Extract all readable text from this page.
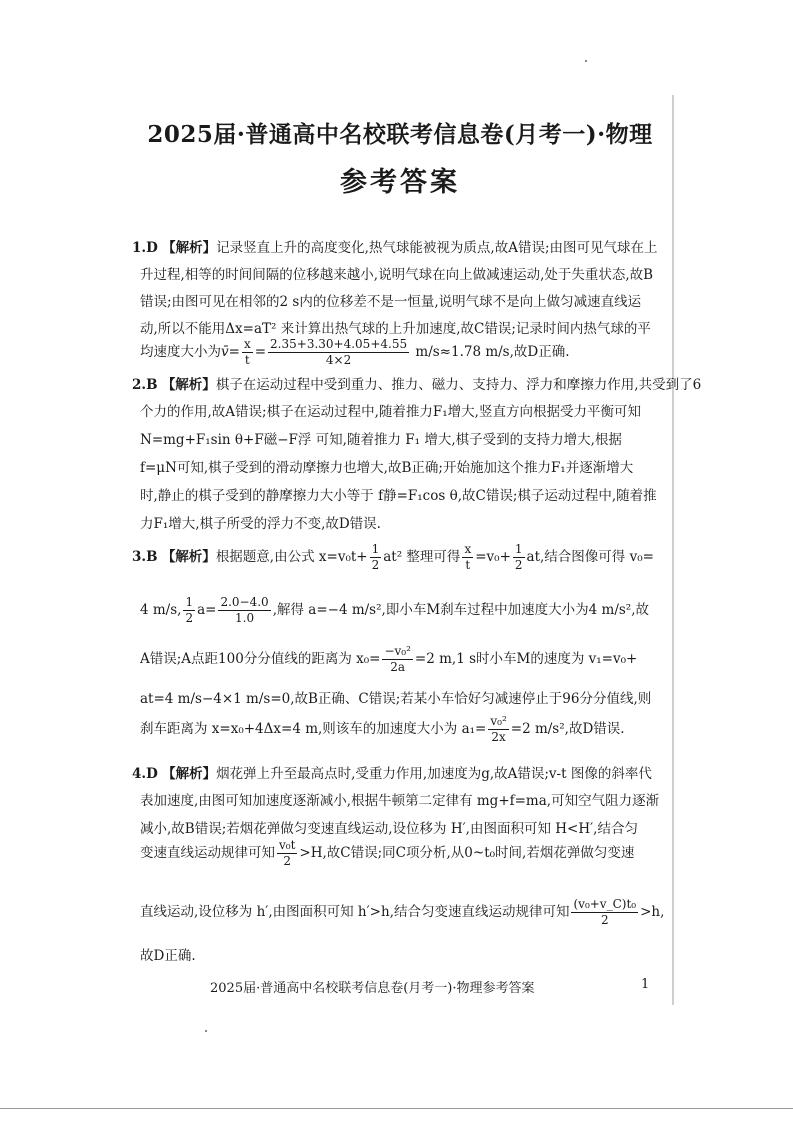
2025届·普通高中名校联考信息卷(月考一)·物理
参考答案
1.D 【解析】记录竖直上升的高度变化,热气球能被视为质点,故A错误;由图可见气球在上
升过程,相等的时间间隔的位移越来越小,说明气球在向上做减速运动,处于失重状态,故B
错误;由图可见在相邻的2 s内的位移差不是一恒量,说明气球不是向上做匀减速直线运
动,所以不能用Δx=aT² 来计算出热气球的上升加速度,故C错误;记录时间内热气球的平
均速度大小为v̄= $\frac{x}{t} = \frac{2.35+3.30+4.05+4.55}{4\times 2} m/s\approx 1.78$ m/s,故D正确.
2.B 【解析】棋子在运动过程中受到重力、推力、磁力、支持力、浮力和摩擦力作用,共受到了6
个力的作用,故A错误;棋子在运动过程中,随着推力F₁增大,竖直方向根据受力平衡可知
N=mg+F₁sin θ+F磁−F浮 可知,随着推力 F₁ 增大,棋子受到的支持力增大,根据
f=μN可知,棋子受到的滑动摩擦力也增大,故B正确;开始施加这个推力F₁并逐渐增大
时,静止的棋子受到的静摩擦力大小等于 f静=F₁cos θ,故C错误;棋子运动过程中,随着推
力F₁增大,棋子所受的浮力不变,故D错误.
3.B 【解析】根据题意,由公式 $x=v_0t+ \frac{1}{2} at^2$ 整理可得 $\frac{x}{t} =v_0+ \frac{1}{2}$ at,结合图像可得 v₀=
4 m/s, $\frac{1}{2} a= \frac{2.0-4.0}{1.0}$ ,解得 a=−4 m/s²,即小车M刹车过程中加速度大小为4 m/s²,故
A错误;A点距100分分值线的距离为 $x_0= \frac{\text{−v₀²}}{2a} =2$ m,1 s时小车M的速度为 v₁=v₀+
at=4 m/s−4×1 m/s=0,故B正确、C错误;若某小车恰好匀减速停止于96分分值线,则
刹车距离为 x=x₀+4Δx=4 m,则该车的加速度大小为 $a_1= \frac{\text{v₀²}}{2x} =2$ m/s²,故D错误.
4.D 【解析】烟花弹上升至最高点时,受重力作用,加速度为g,故A错误;v-t 图像的斜率代
表加速度,由图可知加速度逐渐减小,根据牛顿第二定律有 mg+f=ma,可知空气阻力逐渐
减小,故B错误;若烟花弹做匀变速直线运动,设位移为 H′,由图面积可知 H<H′,结合匀
变速直线运动规律可知 $\frac{\text{v₀t}}{2} >H$,故C错误;同C项分析,从0~t₀时间,若烟花弹做匀变速
直线运动,设位移为 h′,由图面积可知 h′>h,结合匀变速直线运动规律可知 $\frac{\text{(v₀+v\_C)t₀}}{2} >h$,
故D正确.
2025届·普通高中名校联考信息卷(月考一)·物理参考答案	1
